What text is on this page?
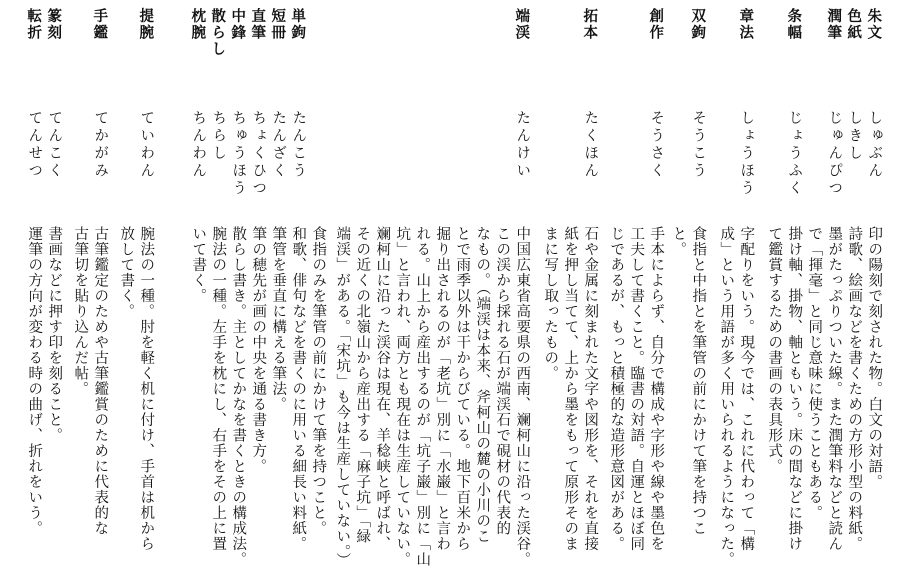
朱文
色紙
潤筆
しゅぶん
しきし
じゅんぴつ
印の陽刻で刻された物。白文の対語。
詩歌、絵画などを書くための方形小型の料紙。
墨がたっぷりついた線。また潤筆料などと読ん
で「揮毫」と同じ意味に使うこともある。
条幅
じょうふく
掛け軸、掛物、軸ともいう。床の間などに掛け
て鑑賞するための書画の表具形式。
章法
しょうほう
字配りをいう。現今では、これに代わって「構
成」という用語が多く用いられるようになった。
双鉤
そうこう
食指と中指とを筆管の前にかけて筆を持つこ
と。
創作
そうさく
手本によらず、自分で構成や字形や線や墨色を
工夫して書くこと。臨書の対語。自運とほぼ同
じであるが、もっと積極的な造形意図がある。
拓本
たくほん
石や金属に刻まれた文字や図形を、それを直接
紙を押し当てて、上から墨をもって原形そのま
まに写し取ったもの。
端渓
たんけい
中国広東省高要県の西南、斓柯山に沿った渓谷。
この渓から採れる石が端渓石で硯材の代表的
なもの。（端渓は本来、斧柯山の麓の小川のこ
とで雨季以外は干からびている。地下百米から
掘り出されるのが「老坑」別に「水巌」と言わ
れる。山上から産出するのが「坑子巌」別に「山
坑」と言われ、両方とも現在は生産していない。
斓柯山に沿った渓谷は現在、羊稔峡と呼ばれ、
その近くの北嶺山から産出する「麻子坑」「緑
端渓」がある。「宋坑」も今は生産していない。）
単鉤
短冊
直筆
中鋒
散らし
枕腕
たんこう
たんざく
ちょくひつ
ちゅうほう
ちらし
ちんわん
食指のみを筆管の前にかけて筆を持つこと。
和歌、俳句などを書くのに用いる細長い料紙。
筆管を垂直に構える筆法。
筆の穂先が画の中央を通る書き方。
散らし書き。主としてかなを書くときの構成法。
腕法の一種。左手を枕にし、右手をその上に置
いて書く。
提腕
ていわん
腕法の一種。肘を軽く机に付け、手首は机から
放して書く。
手鑑
てかがみ
古筆鑑定のためや古筆鑑賞のために代表的な
古筆切を貼り込んだ帖。
篆刻
転折
てんこく
てんせつ
書画などに押す印を刻ること。
運筆の方向が変わる時の曲げ、折れをいう。
